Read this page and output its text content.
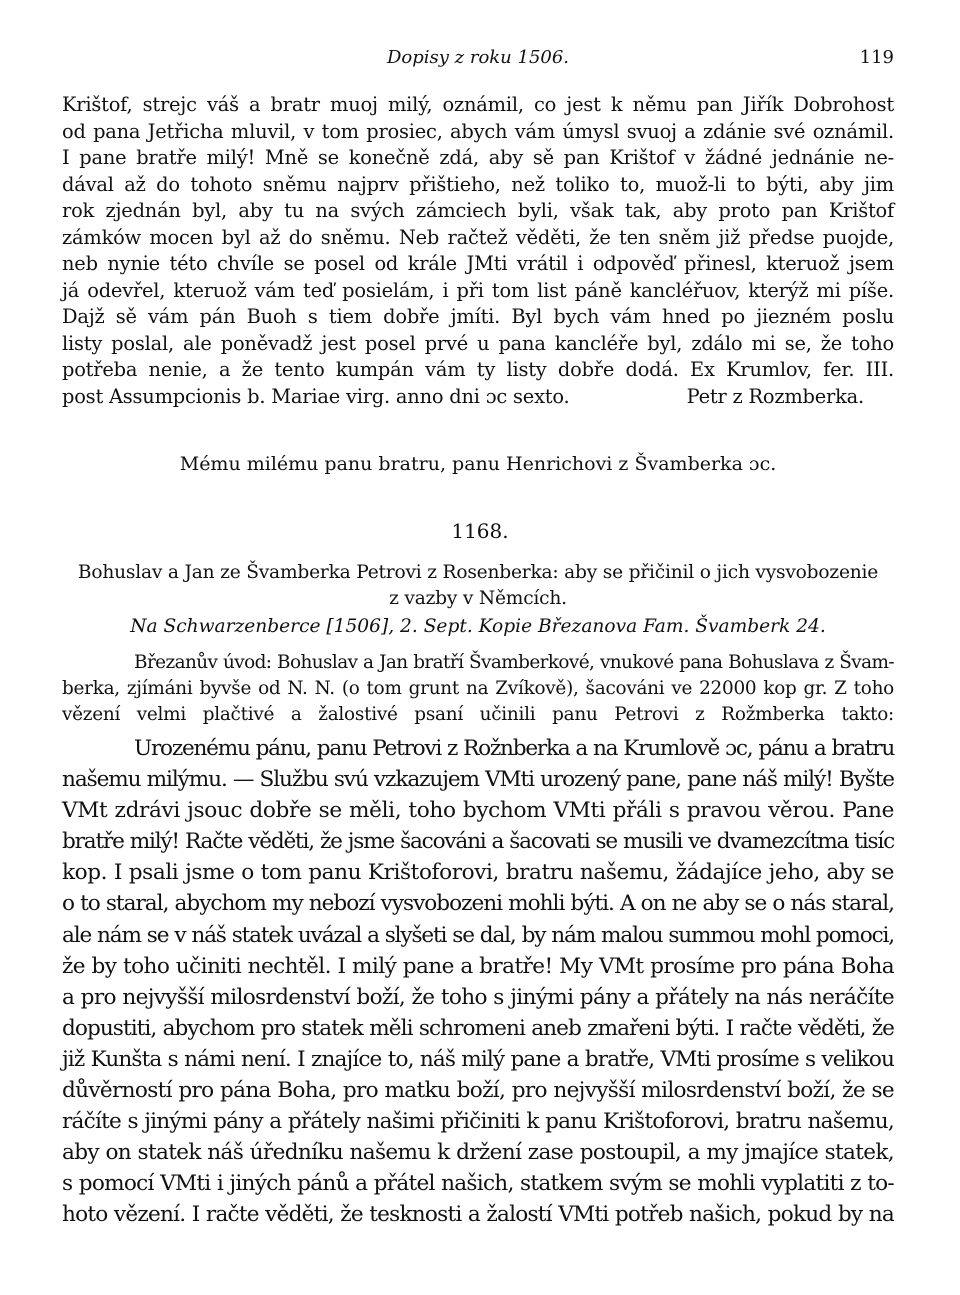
Dopisy z roku 1506.	119
Krištof, strejc váš a bratr muoj milý, oznámil, co jest k němu pan Jiřík Dobrohost
od pana Jetřicha mluvil, v tom prosiec, abych vám úmysl svuoj a zdánie své oznámil.
I pane bratře milý! Mně se konečně zdá, aby sě pan Krištof v žádné jednánie ne-
dával až do tohoto sněmu najprv přištieho, než toliko to, muož-li to býti, aby jim
rok zjednán byl, aby tu na svých zámciech byli, však tak, aby proto pan Krištof
zámków mocen byl až do sněmu. Neb račtež věděti, že ten sněm již předse puojde,
neb nynie této chvíle se posel od krále JMti vrátil i odpověď přinesl, kteruož jsem
já odevřel, kteruož vám teď posielám, i při tom list páně kancléřuov, kterýž mi píše.
Dajž sě vám pán Buoh s tiem dobře jmíti. Byl bych vám hned po jiezném poslu
listy poslal, ale poněvadž jest posel prvé u pana kancléře byl, zdálo mi se, že toho
potřeba nenie, a že tento kumpán vám ty listy dobře dodá. Ex Krumlov, fer. III.
post Assumpcionis b. Mariae virg. anno dni ɔc sexto.	Petr z Rozmberka.
Mému milému panu bratru, panu Henrichovi z Švamberka ɔc.
1168.
Bohuslav a Jan ze Švamberka Petrovi z Rosenberka: aby se přičinil o jich vysvobozenie
z vazby v Němcích.
Na Schwarzenberce [1506], 2. Sept. Kopie Březanova Fam. Švamberk 24.
Březanův úvod: Bohuslav a Jan bratří Švamberkové, vnukové pana Bohuslava z Švam-
berka, zjímáni byvše od N. N. (o tom grunt na Zvíkově), šacováni ve 22000 kop gr. Z toho
vězení velmi plačtivé a žalostivé psaní učinili panu Petrovi z Rožmberka takto:
Urozenému pánu, panu Petrovi z Rožnberka a na Krumlově ɔc, pánu a bratru
našemu milýmu. — Službu svú vzkazujem VMti urozený pane, pane náš milý! Byšte
VMt zdrávi jsouc dobře se měli, toho bychom VMti přáli s pravou věrou. Pane
bratře milý! Račte věděti, že jsme šacováni a šacovati se musili ve dvamezcítma tisíc
kop. I psali jsme o tom panu Krištoforovi, bratru našemu, žádajíce jeho, aby se
o to staral, abychom my nebozí vysvobozeni mohli býti. A on ne aby se o nás staral,
ale nám se v náš statek uvázal a slyšeti se dal, by nám malou summou mohl pomoci,
že by toho učiniti nechtěl. I milý pane a bratře! My VMt prosíme pro pána Boha
a pro nejvyšší milosrdenství boží, že toho s jinými pány a přátely na nás neráčíte
dopustiti, abychom pro statek měli schromeni aneb zmařeni býti. I račte věděti, že
již Kunšta s námi není. I znajíce to, náš milý pane a bratře, VMti prosíme s velikou
důvěrností pro pána Boha, pro matku boží, pro nejvyšší milosrdenství boží, že se
ráčíte s jinými pány a přátely našimi přičiniti k panu Krištoforovi, bratru našemu,
aby on statek náš úředníku našemu k držení zase postoupil, a my jmajíce statek,
s pomocí VMti i jiných pánů a přátel našich, statkem svým se mohli vyplatiti z to-
hoto vězení. I račte věděti, že tesknosti a žalostí VMti potřeb našich, pokud by na
